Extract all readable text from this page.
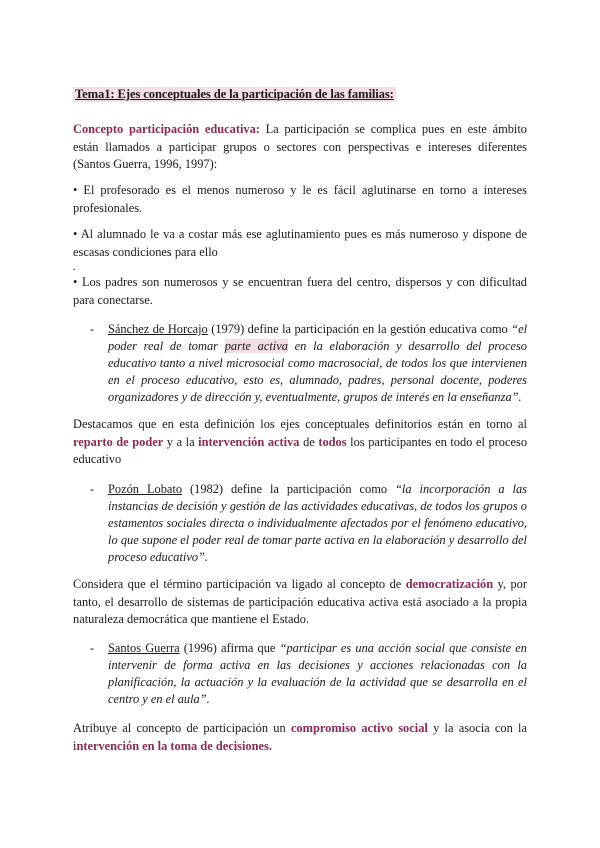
Tema1: Ejes conceptuales de la participación de las familias:

Concepto participación educativa: La participación se complica pues en este ámbito están llamados a participar grupos o sectores con perspectivas e intereses diferentes (Santos Guerra, 1996, 1997):

• El profesorado es el menos numeroso y le es fácil aglutinarse en torno a intereses profesionales.

• Al alumnado le va a costar más ese aglutinamiento pues es más numeroso y dispone de escasas condiciones para ello

.

• Los padres son numerosos y se encuentran fuera del centro, dispersos y con dificultad para conectarse.

- Sánchez de Horcajo (1979) define la participación en la gestión educativa como “el poder real de tomar parte activa en la elaboración y desarrollo del proceso educativo tanto a nivel microsocial como macrosocial, de todos los que intervienen en el proceso educativo, esto es, alumnado, padres, personal docente, poderes organizadores y de dirección y, eventualmente, grupos de interés en la enseñanza”.

Destacamos que en esta definición los ejes conceptuales definitorios están en torno al reparto de poder y a la intervención activa de todos los participantes en todo el proceso educativo

- Pozón Lobato (1982) define la participación como “la incorporación a las instancias de decisión y gestión de las actividades educativas, de todos los grupos o estamentos sociales directa o individualmente afectados por el fenómeno educativo, lo que supone el poder real de tomar parte activa en la elaboración y desarrollo del proceso educativo”.

Considera que el término participación va ligado al concepto de democratización y, por tanto, el desarrollo de sistemas de participación educativa activa está asociado a la propia naturaleza democrática que mantiene el Estado.

- Santos Guerra (1996) afirma que “participar es una acción social que consiste en intervenir de forma activa en las decisiones y acciones relacionadas con la planificación, la actuación y la evaluación de la actividad que se desarrolla en el centro y en el aula”.

Atribuye al concepto de participación un compromiso activo social y la asocia con la intervención en la toma de decisiones.
